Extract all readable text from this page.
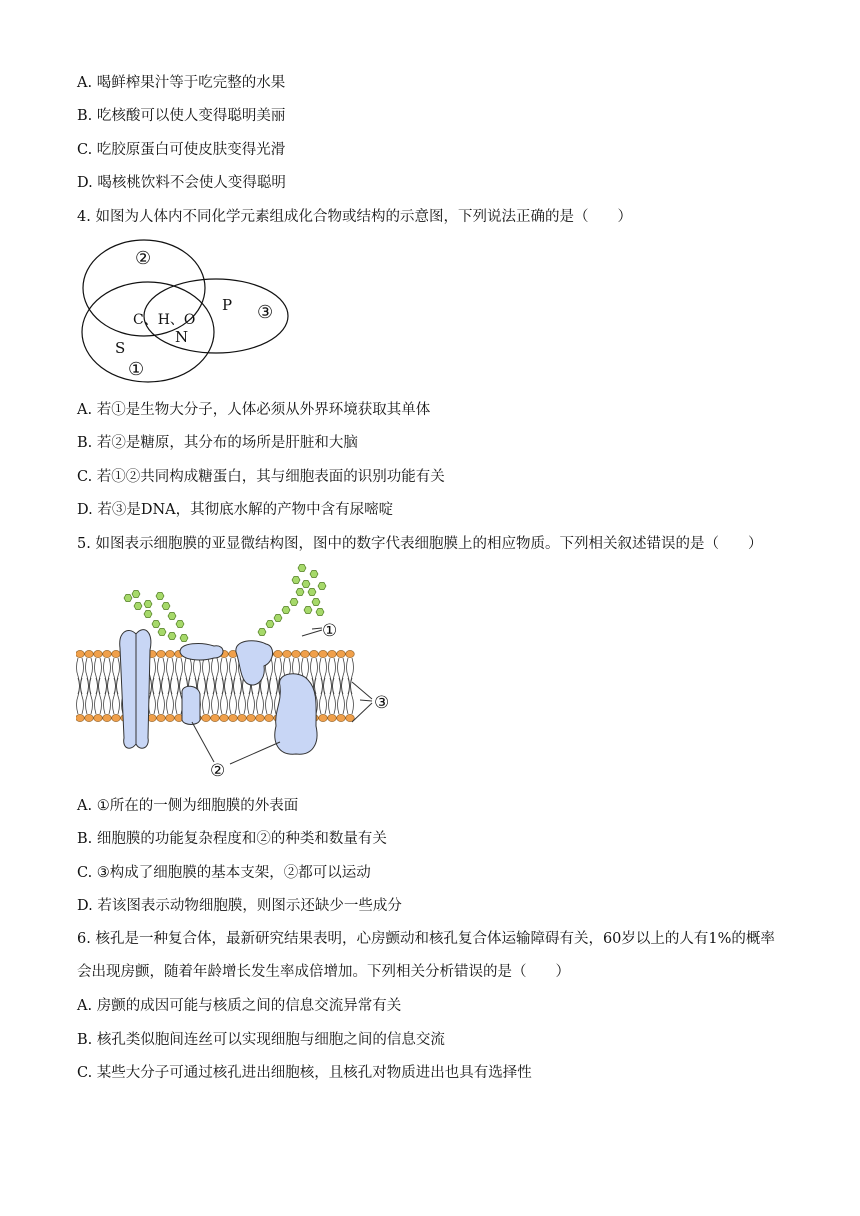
A. 喝鲜榨果汁等于吃完整的水果
B. 吃核酸可以使人变得聪明美丽
C. 吃胶原蛋白可使皮肤变得光滑
D. 喝核桃饮料不会使人变得聪明
4. 如图为人体内不同化学元素组成化合物或结构的示意图，下列说法正确的是（　　）
②
P ③
C、H、O
N
S
①
A. 若①是生物大分子，人体必须从外界环境获取其单体
B. 若②是糖原，其分布的场所是肝脏和大脑
C. 若①②共同构成糖蛋白，其与细胞表面的识别功能有关
D. 若③是DNA，其彻底水解的产物中含有尿嘧啶
5. 如图表示细胞膜的亚显微结构图，图中的数字代表细胞膜上的相应物质。下列相关叙述错误的是（　　）
①
③
②
A. ①所在的一侧为细胞膜的外表面
B. 细胞膜的功能复杂程度和②的种类和数量有关
C. ③构成了细胞膜的基本支架，②都可以运动
D. 若该图表示动物细胞膜，则图示还缺少一些成分
6. 核孔是一种复合体，最新研究结果表明，心房颤动和核孔复合体运输障碍有关，60岁以上的人有1%的概率会出现房颤，随着年龄增长发生率成倍增加。下列相关分析错误的是（　　）
A. 房颤的成因可能与核质之间的信息交流异常有关
B. 核孔类似胞间连丝可以实现细胞与细胞之间的信息交流
C. 某些大分子可通过核孔进出细胞核，且核孔对物质进出也具有选择性
